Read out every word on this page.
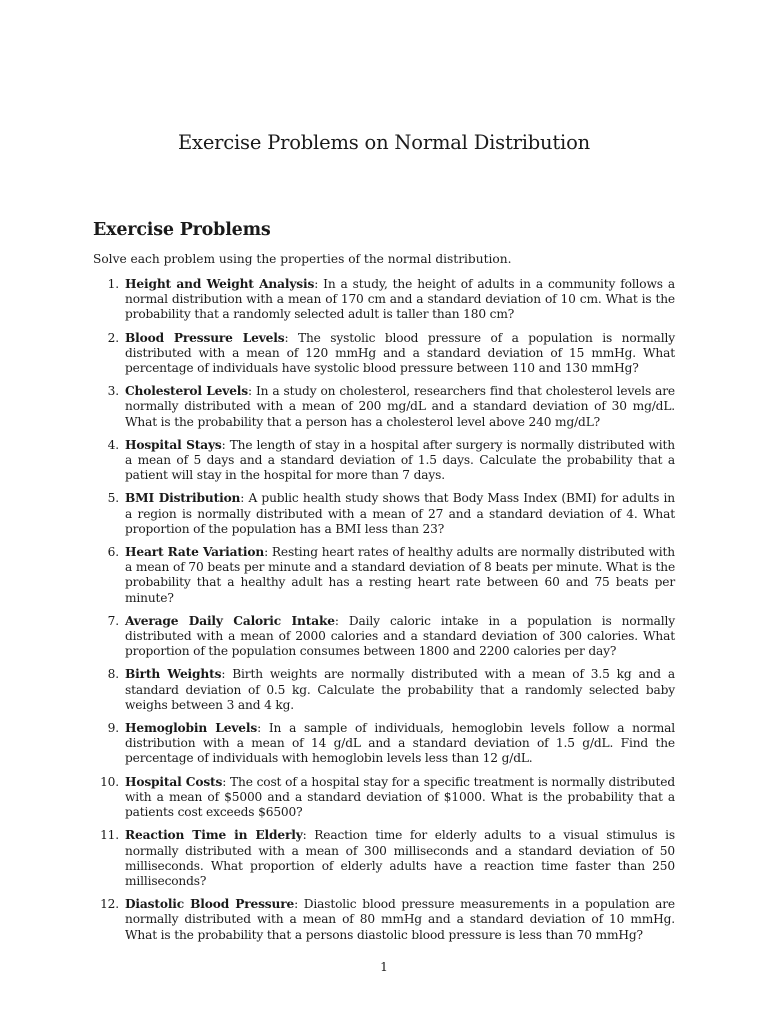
Exercise Problems on Normal Distribution
Exercise Problems

Solve each problem using the properties of the normal distribution.

1. Height and Weight Analysis: In a study, the height of adults in a community follows a normal distribution with a mean of 170 cm and a standard deviation of 10 cm. What is the probability that a randomly selected adult is taller than 180 cm?
2. Blood Pressure Levels: The systolic blood pressure of a population is normally distributed with a mean of 120 mmHg and a standard deviation of 15 mmHg. What percentage of individuals have systolic blood pressure between 110 and 130 mmHg?
3. Cholesterol Levels: In a study on cholesterol, researchers find that cholesterol levels are normally distributed with a mean of 200 mg/dL and a standard deviation of 30 mg/dL. What is the probability that a person has a cholesterol level above 240 mg/dL?
4. Hospital Stays: The length of stay in a hospital after surgery is normally distributed with a mean of 5 days and a standard deviation of 1.5 days. Calculate the probability that a patient will stay in the hospital for more than 7 days.
5. BMI Distribution: A public health study shows that Body Mass Index (BMI) for adults in a region is normally distributed with a mean of 27 and a standard deviation of 4. What proportion of the population has a BMI less than 23?
6. Heart Rate Variation: Resting heart rates of healthy adults are normally distributed with a mean of 70 beats per minute and a standard deviation of 8 beats per minute. What is the probability that a healthy adult has a resting heart rate between 60 and 75 beats per minute?
7. Average Daily Caloric Intake: Daily caloric intake in a population is normally distributed with a mean of 2000 calories and a standard deviation of 300 calories. What proportion of the population consumes between 1800 and 2200 calories per day?
8. Birth Weights: Birth weights are normally distributed with a mean of 3.5 kg and a standard deviation of 0.5 kg. Calculate the probability that a randomly selected baby weighs between 3 and 4 kg.
9. Hemoglobin Levels: In a sample of individuals, hemoglobin levels follow a normal distribution with a mean of 14 g/dL and a standard deviation of 1.5 g/dL. Find the percentage of individuals with hemoglobin levels less than 12 g/dL.
10. Hospital Costs: The cost of a hospital stay for a specific treatment is normally distributed with a mean of $5000 and a standard deviation of $1000. What is the probability that a patients cost exceeds $6500?
11. Reaction Time in Elderly: Reaction time for elderly adults to a visual stimulus is normally distributed with a mean of 300 milliseconds and a standard deviation of 50 milliseconds. What proportion of elderly adults have a reaction time faster than 250 milliseconds?
12. Diastolic Blood Pressure: Diastolic blood pressure measurements in a population are normally distributed with a mean of 80 mmHg and a standard deviation of 10 mmHg. What is the probability that a persons diastolic blood pressure is less than 70 mmHg?
1
